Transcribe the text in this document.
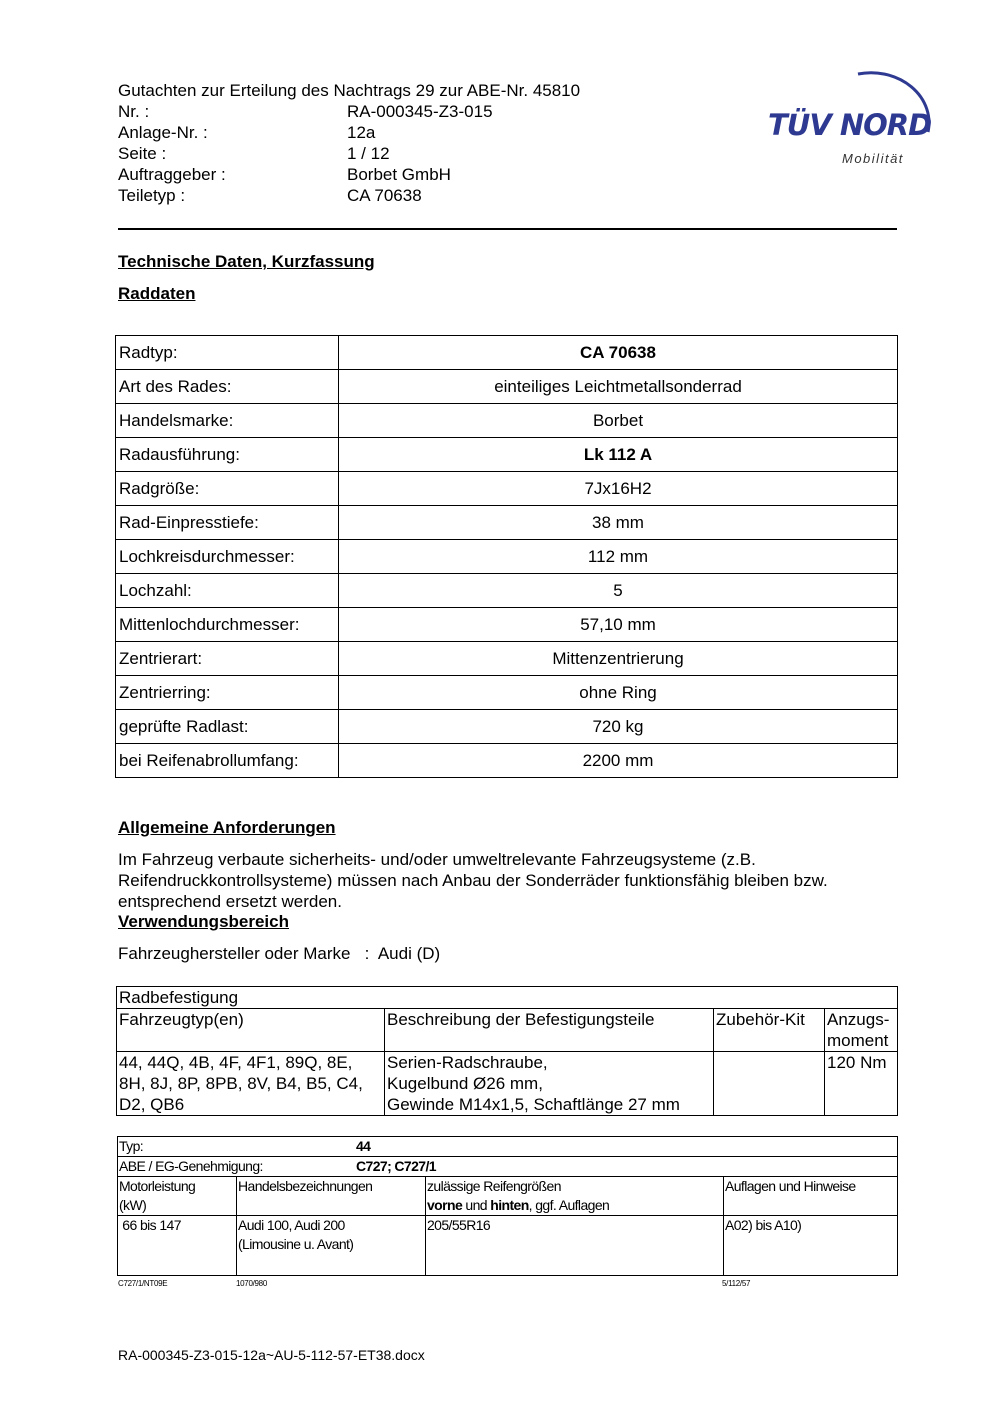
Gutachten zur Erteilung des Nachtrags 29 zur ABE-Nr. 45810
Nr. :	RA-000345-Z3-015
Anlage-Nr. :	12a
Seite :	1 / 12
Auftraggeber :	Borbet GmbH
Teiletyp :	CA 70638
TÜV NORD
Mobilität
Technische Daten, Kurzfassung
Raddaten
Radtyp:	CA 70638
Art des Rades:	einteiliges Leichtmetallsonderrad
Handelsmarke:	Borbet
Radausführung:	Lk 112 A
Radgröße:	7Jx16H2
Rad-Einpresstiefe:	38 mm
Lochkreisdurchmesser:	112 mm
Lochzahl:	5
Mittenlochdurchmesser:	57,10 mm
Zentrierart:	Mittenzentrierung
Zentrierring:	ohne Ring
geprüfte Radlast:	720 kg
bei Reifenabrollumfang:	2200 mm
Allgemeine Anforderungen
Im Fahrzeug verbaute sicherheits- und/oder umweltrelevante Fahrzeugsysteme (z.B. Reifendruckkontrollsysteme) müssen nach Anbau der Sonderräder funktionsfähig bleiben bzw. entsprechend ersetzt werden.
Verwendungsbereich
Fahrzeughersteller oder Marke   :  Audi (D)
Radbefestigung			
Fahrzeugtyp(en)	Beschreibung der Befestigungsteile	Zubehör-Kit	Anzugs-
moment
44, 44Q, 4B, 4F, 4F1, 89Q, 8E, 8H, 8J, 8P, 8PB, 8V, B4, B5, C4, D2, QB6	Serien-Radschraube,
Kugelbund Ø26 mm,
Gewinde M14x1,5, Schaftlänge 27 mm		120 Nm
Typ: 44			
ABE / EG-Genehmigung: C727; C727/1			
Motorleistung
(kW)	Handelsbezeichnungen	zulässige Reifengrößen
vorne und hinten, ggf. Auflagen	Auflagen und Hinweise
66 bis 147	Audi 100, Audi 200
(Limousine u. Avant)	205/55R16	A02) bis A10)
C727/1/NT09E	1070/980	5/112/57
RA-000345-Z3-015-12a~AU-5-112-57-ET38.docx
